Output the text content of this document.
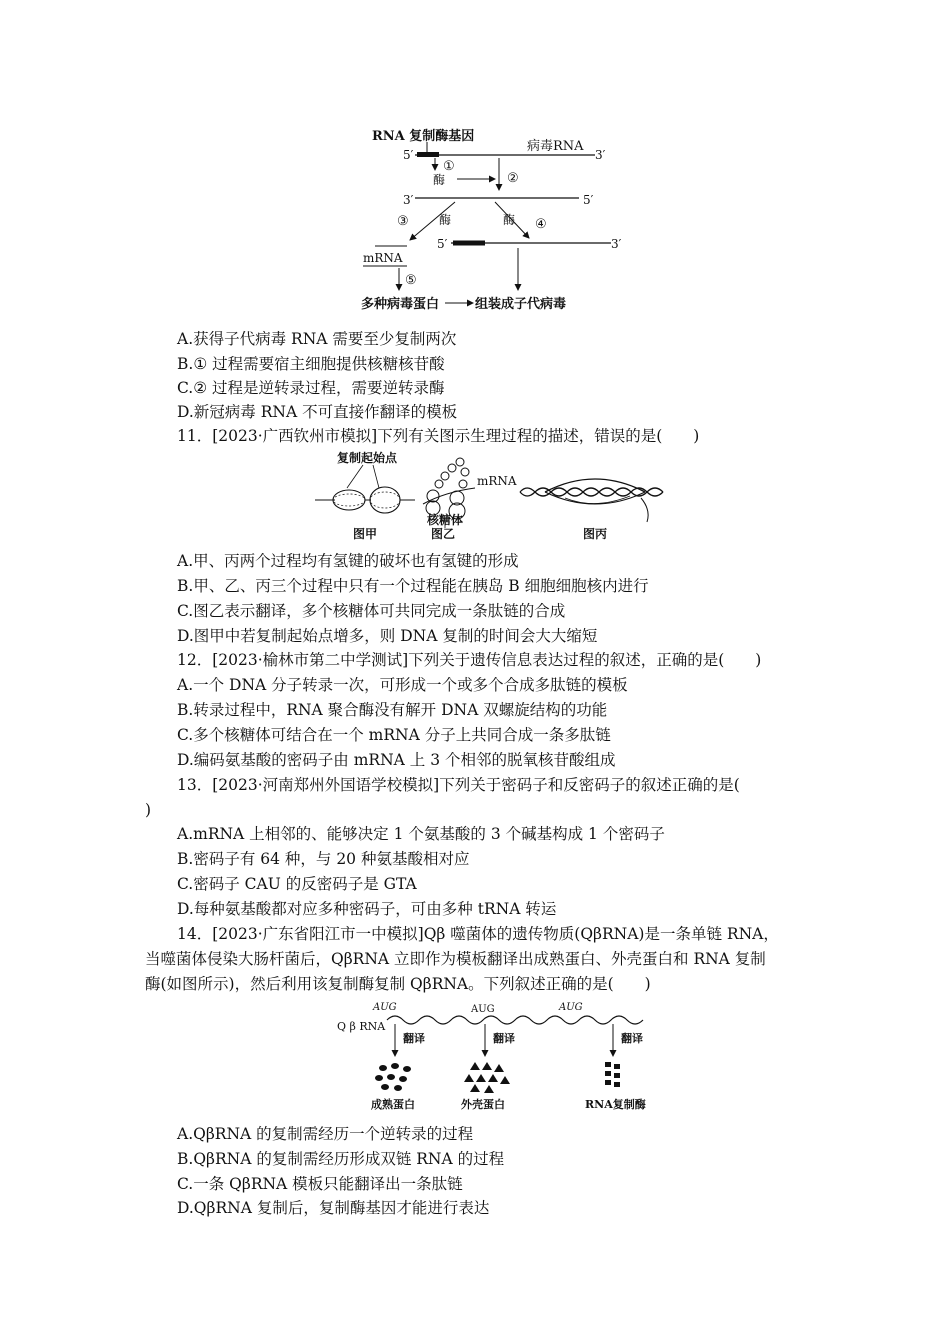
RNA 复制酶基因
病毒RNA
5′	3′
①
酶	②
3′	5′
③	酶	酶 ④
5′	3′
mRNA
⑤
多种病毒蛋白	组装成子代病毒
A.获得子代病毒 RNA 需要至少复制两次
B.① 过程需要宿主细胞提供核糖核苷酸
C.② 过程是逆转录过程，需要逆转录酶
D.新冠病毒 RNA 不可直接作翻译的模板
11．[2023·广西钦州市模拟]下列有关图示生理过程的描述，错误的是(　　)
复制起始点
图甲
mRNA
核糖体
图乙	图丙
A.甲、丙两个过程均有氢键的破坏也有氢键的形成
B.甲、乙、丙三个过程中只有一个过程能在胰岛 B 细胞细胞核内进行
C.图乙表示翻译，多个核糖体可共同完成一条肽链的合成
D.图甲中若复制起始点增多，则 DNA 复制的时间会大大缩短
12．[2023·榆林市第二中学测试]下列关于遗传信息表达过程的叙述，正确的是(　　)
A.一个 DNA 分子转录一次，可形成一个或多个合成多肽链的模板
B.转录过程中，RNA 聚合酶没有解开 DNA 双螺旋结构的功能
C.多个核糖体可结合在一个 mRNA 分子上共同合成一条多肽链
D.编码氨基酸的密码子由 mRNA 上 3 个相邻的脱氧核苷酸组成
13．[2023·河南郑州外国语学校模拟]下列关于密码子和反密码子的叙述正确的是(
)
A.mRNA 上相邻的、能够决定 1 个氨基酸的 3 个碱基构成 1 个密码子
B.密码子有 64 种，与 20 种氨基酸相对应
C.密码子 CAU 的反密码子是 GTA
D.每种氨基酸都对应多种密码子，可由多种 tRNA 转运
14．[2023·广东省阳江市一中模拟]Qβ 噬菌体的遗传物质(QβRNA)是一条单链 RNA，
当噬菌体侵染大肠杆菌后，QβRNA 立即作为模板翻译出成熟蛋白、外壳蛋白和 RNA 复制
酶(如图所示)，然后利用该复制酶复制 QβRNA。下列叙述正确的是(　　)
Q β RNA
AUG	AUG	AUG
翻译	翻译	翻译
成熟蛋白	外壳蛋白	RNA复制酶
A.QβRNA 的复制需经历一个逆转录的过程
B.QβRNA 的复制需经历形成双链 RNA 的过程
C.一条 QβRNA 模板只能翻译出一条肽链
D.QβRNA 复制后，复制酶基因才能进行表达
